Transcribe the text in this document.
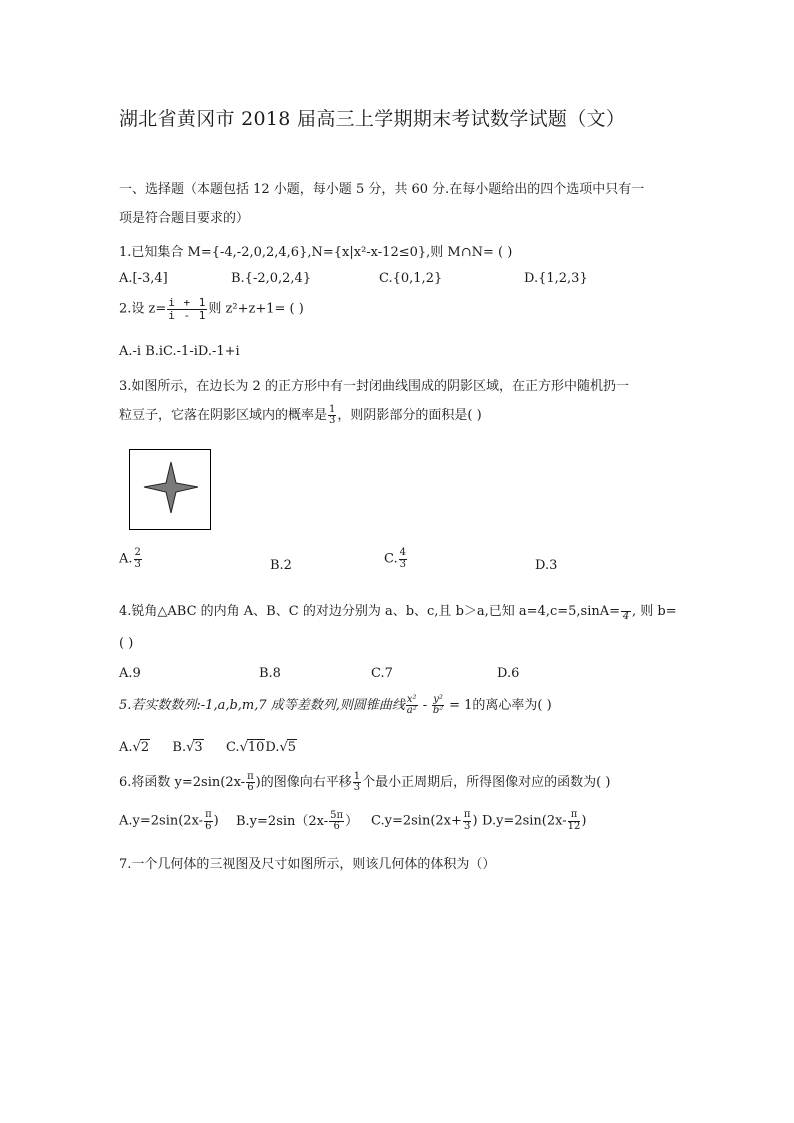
湖北省黄冈市 2018 届高三上学期期末考试数学试题（文）
一、选择题（本题包括 12 小题，每小题 5 分，共 60 分.在每小题给出的四个选项中只有一
项是符合题目要求的）
1.已知集合 M={-4,-2,0,2,4,6},N={x|x²-x-12≤0},则 M∩N= ( )
A.[-3,4]	B.{-2,0,2,4}	C.{0,1,2}	D.{1,2,3}
2.设 $z= \frac{i + 1}{i - 1}$ 则 z²+z+1= ( )
A.-i B.iC.-1-iD.-1+i
3.如图所示，在边长为 2 的正方形中有一封闭曲线围成的阴影区域，在正方形中随机扔一
粒豆子，它落在阴影区域内的概率是 $\frac{1}{3}$ ，则阴影部分的面积是( )
A. $\frac{2}{3}$	B.2	C. $\frac{4}{3}$	D.3
4.锐角△ABC 的内角 A、B、C 的对边分别为 a、b、c,且 b＞a,已知 a=4,c=5,sinA= 4 , 则 b=
( )
A.9	B.8	C.7	D.6
5.若实数数列:-1,a,b,m,7 成等差数列,则圆锥曲线 $\frac{\text{x²}}{\text{a²}} - \frac{\text{y²}}{\text{b²}} = 1$的离心率为( )
A.√2 B.√3 C.√10D.√5
6.将函数 $y=2\sin(2x- \frac{\pi}{6}$ )的图像向右平移 $\frac{1}{3}$ 个最小正周期后，所得图像对应的函数为( )
$A.y=2\sin(2x- \frac{\pi}{6}$ ) $B.y=2\sin(2x- \frac{5\pi}{6}$ ） $C.y=2\sin(2x+ \frac{\pi}{3}$ ) $D.y=2\sin(2x- \frac{\pi}{12}$ )
7.一个几何体的三视图及尺寸如图所示，则该几何体的体积为（）
